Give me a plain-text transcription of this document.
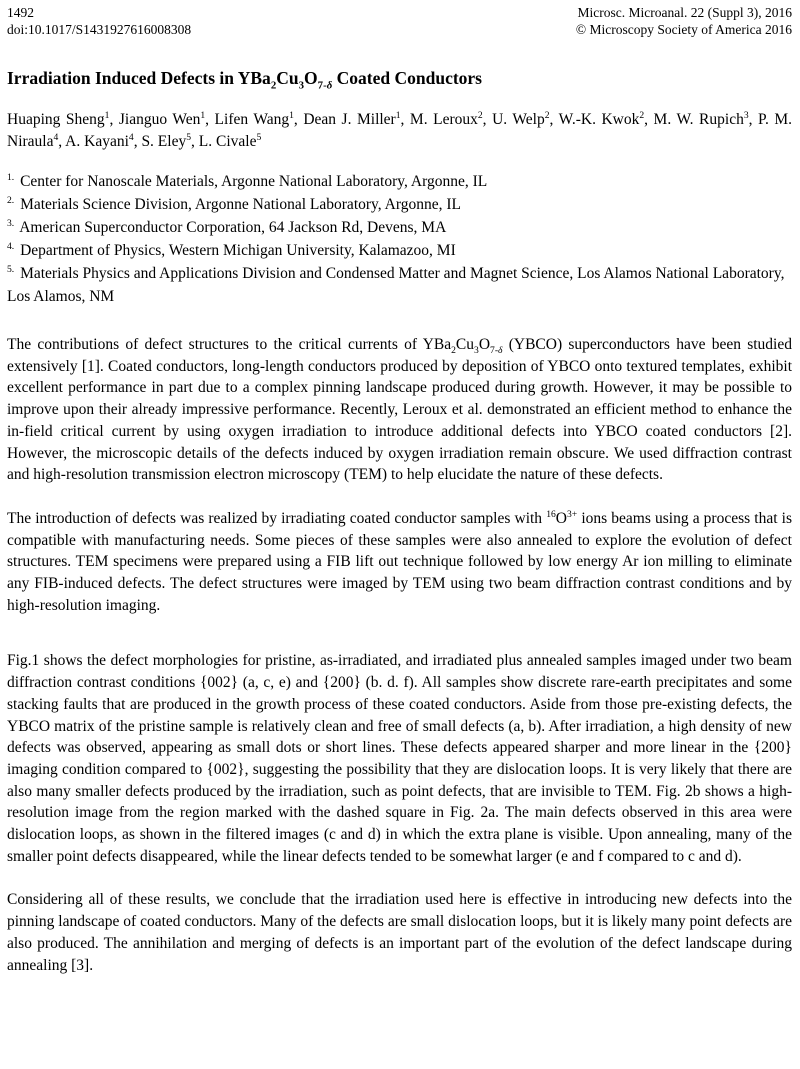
1492
doi:10.1017/S1431927616008308
Microsc. Microanal. 22 (Suppl 3), 2016
© Microscopy Society of America 2016
Irradiation Induced Defects in $YBa_2Cu_3O_{7-\delta}$ Coated Conductors

Huaping Sheng$^1$, Jianguo Wen$^1$, Lifen Wang$^1$, Dean J. Miller$^1$, M. Leroux$^2$, U. Welp$^2$, W.-K. Kwok$^2$, M. W. Rupich$^3$, P. M. Niraula$^4$, A. Kayani$^4$, S. Eley$^5$, L. Civale$^5$

$^{1.}$ Center for Nanoscale Materials, Argonne National Laboratory, Argonne, IL

$^{2.}$ Materials Science Division, Argonne National Laboratory, Argonne, IL

$^{3.}$ American Superconductor Corporation, 64 Jackson Rd, Devens, MA

$^{4.}$ Department of Physics, Western Michigan University, Kalamazoo, MI

$^{5.}$ Materials Physics and Applications Division and Condensed Matter and Magnet Science, Los Alamos National Laboratory, Los Alamos, NM

The contributions of defect structures to the critical currents of $YBa_2Cu_3O_{7-\delta}$ (YBCO) superconductors have been studied extensively [1]. Coated conductors, long-length conductors produced by deposition of YBCO onto textured templates, exhibit excellent performance in part due to a complex pinning landscape produced during growth. However, it may be possible to improve upon their already impressive performance. Recently, Leroux et al. demonstrated an efficient method to enhance the in-field critical current by using oxygen irradiation to introduce additional defects into YBCO coated conductors [2]. However, the microscopic details of the defects induced by oxygen irradiation remain obscure. We used diffraction contrast and high-resolution transmission electron microscopy (TEM) to help elucidate the nature of these defects.

The introduction of defects was realized by irradiating coated conductor samples with $^{16}O^{3+}$ ions beams using a process that is compatible with manufacturing needs. Some pieces of these samples were also annealed to explore the evolution of defect structures. TEM specimens were prepared using a FIB lift out technique followed by low energy Ar ion milling to eliminate any FIB-induced defects. The defect structures were imaged by TEM using two beam diffraction contrast conditions and by high-resolution imaging.

Fig.1 shows the defect morphologies for pristine, as-irradiated, and irradiated plus annealed samples imaged under two beam diffraction contrast conditions {002} (a, c, e) and {200} (b. d. f). All samples show discrete rare-earth precipitates and some stacking faults that are produced in the growth process of these coated conductors. Aside from those pre-existing defects, the YBCO matrix of the pristine sample is relatively clean and free of small defects (a, b). After irradiation, a high density of new defects was observed, appearing as small dots or short lines. These defects appeared sharper and more linear in the {200} imaging condition compared to {002}, suggesting the possibility that they are dislocation loops. It is very likely that there are also many smaller defects produced by the irradiation, such as point defects, that are invisible to TEM. Fig. 2b shows a high-resolution image from the region marked with the dashed square in Fig. 2a. The main defects observed in this area were dislocation loops, as shown in the filtered images (c and d) in which the extra plane is visible. Upon annealing, many of the smaller point defects disappeared, while the linear defects tended to be somewhat larger (e and f compared to c and d).

Considering all of these results, we conclude that the irradiation used here is effective in introducing new defects into the pinning landscape of coated conductors. Many of the defects are small dislocation loops, but it is likely many point defects are also produced. The annihilation and merging of defects is an important part of the evolution of the defect landscape during annealing [3].
